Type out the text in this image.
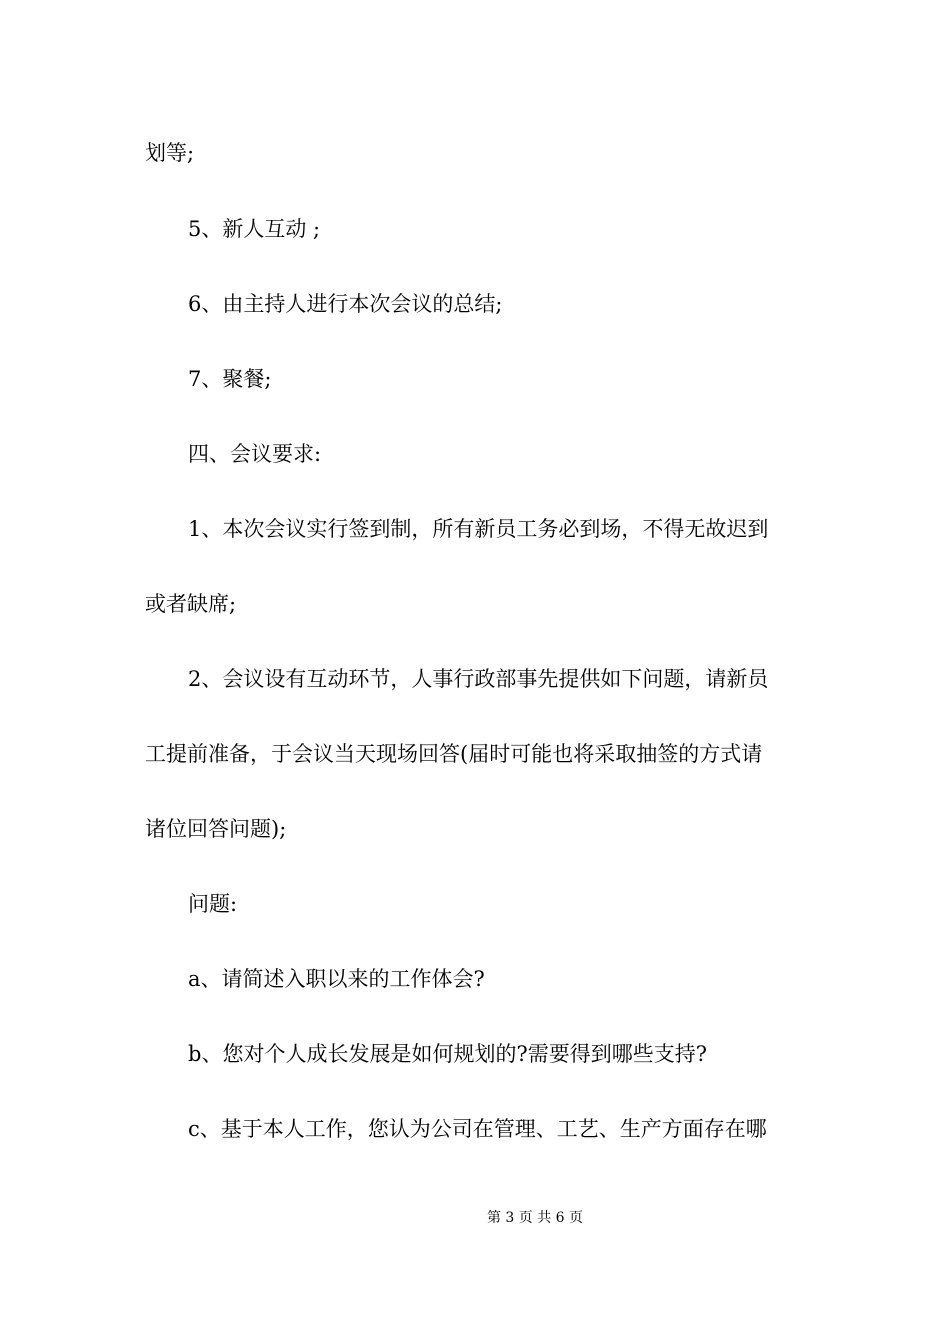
划等;
5、新人互动 ;
6、由主持人进行本次会议的总结;
7、聚餐;
四、会议要求:
1、本次会议实行签到制，所有新员工务必到场，不得无故迟到
或者缺席;
2、会议设有互动环节，人事行政部事先提供如下问题，请新员
工提前准备，于会议当天现场回答(届时可能也将采取抽签的方式请
诸位回答问题);
问题:
a、请简述入职以来的工作体会?
b、您对个人成长发展是如何规划的?需要得到哪些支持?
c、基于本人工作，您认为公司在管理、工艺、生产方面存在哪
第 3 页 共 6 页
